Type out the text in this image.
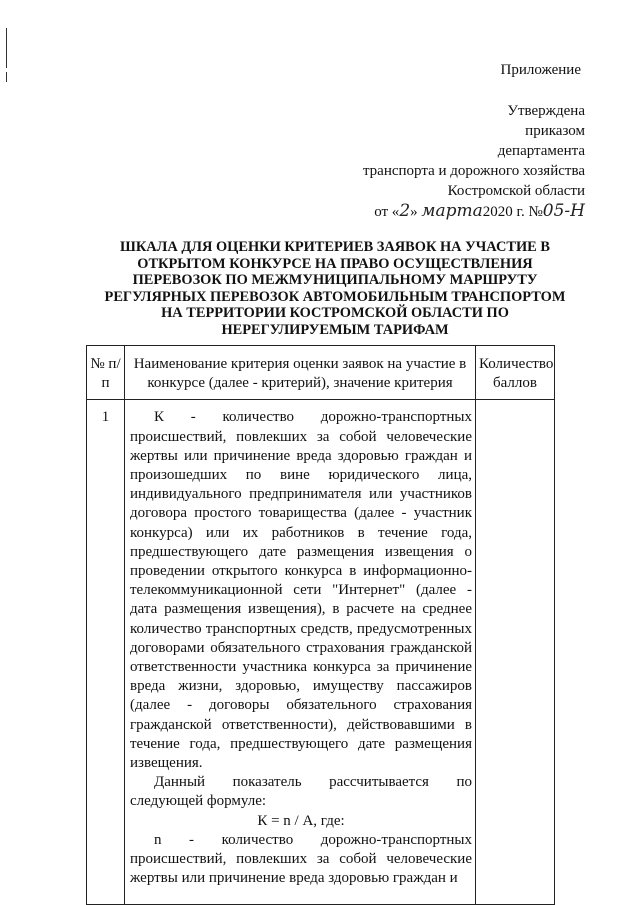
Приложение
Утверждена
приказом
департамента
транспорта и дорожного хозяйства
Костромской области
от «2» марта2020 г. №05-Н
ШКАЛА ДЛЯ ОЦЕНКИ КРИТЕРИЕВ ЗАЯВОК НА УЧАСТИЕ В ОТКРЫТОМ КОНКУРСЕ НА ПРАВО ОСУЩЕСТВЛЕНИЯ ПЕРЕВОЗОК ПО МЕЖМУНИЦИПАЛЬНОМУ МАРШРУТУ РЕГУЛЯРНЫХ ПЕРЕВОЗОК АВТОМОБИЛЬНЫМ ТРАНСПОРТОМ НА ТЕРРИТОРИИ КОСТРОМСКОЙ ОБЛАСТИ ПО НЕРЕГУЛИРУЕМЫМ ТАРИФАМ
№ п/п	Наименование критерия оценки заявок на участие в конкурсе (далее - критерий), значение критерия	Количество баллов
1	К - количество дорожно-транспортных происшествий, повлекших за собой человеческие жертвы или причинение вреда здоровью граждан и произошедших по вине юридического лица, индивидуального предпринимателя или участников договора простого товарищества (далее - участник конкурса) или их работников в течение года, предшествующего дате размещения извещения о проведении открытого конкурса в информационно-телекоммуникационной сети "Интернет" (далее - дата размещения извещения), в расчете на среднее количество транспортных средств, предусмотренных договорами обязательного страхования гражданской ответственности участника конкурса за причинение вреда жизни, здоровью, имуществу пассажиров (далее - договоры обязательного страхования гражданской ответственности), действовавшими в течение года, предшествующего дате размещения извещения.

Данный показатель рассчитывается по следующей формуле:

К = n / А, где:

n - количество дорожно-транспортных происшествий, повлекших за собой человеческие жертвы или причинение вреда здоровью граждан и	
